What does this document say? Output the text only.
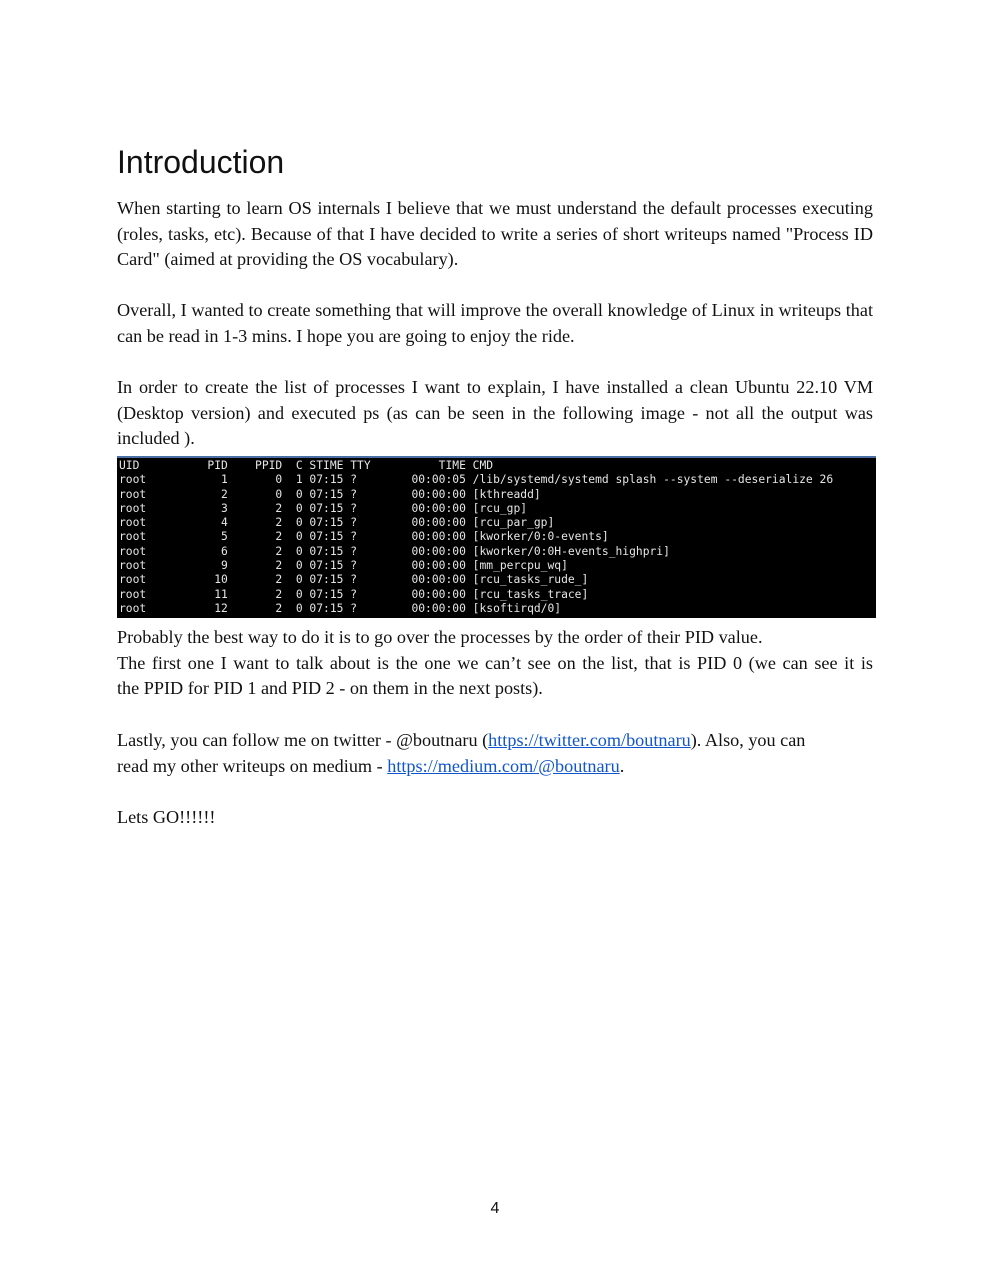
Introduction

When starting to learn OS internals I believe that we must understand the default processes executing (roles, tasks, etc). Because of that I have decided to write a series of short writeups named "Process ID Card" (aimed at providing the OS vocabulary).

Overall, I wanted to create something that will improve the overall knowledge of Linux in writeups that can be read in 1-3 mins. I hope you are going to enjoy the ride.

In order to create the list of processes I want to explain, I have installed a clean Ubuntu 22.10 VM (Desktop version) and executed ps (as can be seen in the following image - not all the output was included ).

UID          PID    PPID  C STIME TTY          TIME CMD
root           1       0  1 07:15 ?        00:00:05 /lib/systemd/systemd splash --system --deserialize 26
root           2       0  0 07:15 ?        00:00:00 [kthreadd]
root           3       2  0 07:15 ?        00:00:00 [rcu_gp]
root           4       2  0 07:15 ?        00:00:00 [rcu_par_gp]
root           5       2  0 07:15 ?        00:00:00 [kworker/0:0-events]
root           6       2  0 07:15 ?        00:00:00 [kworker/0:0H-events_highpri]
root           9       2  0 07:15 ?        00:00:00 [mm_percpu_wq]
root          10       2  0 07:15 ?        00:00:00 [rcu_tasks_rude_]
root          11       2  0 07:15 ?        00:00:00 [rcu_tasks_trace]
root          12       2  0 07:15 ?        00:00:00 [ksoftirqd/0]
Probably the best way to do it is to go over the processes by the order of their PID value.
The first one I want to talk about is the one we can’t see on the list, that is PID 0 (we can see it is
the PPID for PID 1 and PID 2 - on them in the next posts).
Lastly, you can follow me on twitter - @boutnaru (https://twitter.com/boutnaru). Also, you can
read my other writeups on medium - https://medium.com/@boutnaru.
Lets GO!!!!!!
4
